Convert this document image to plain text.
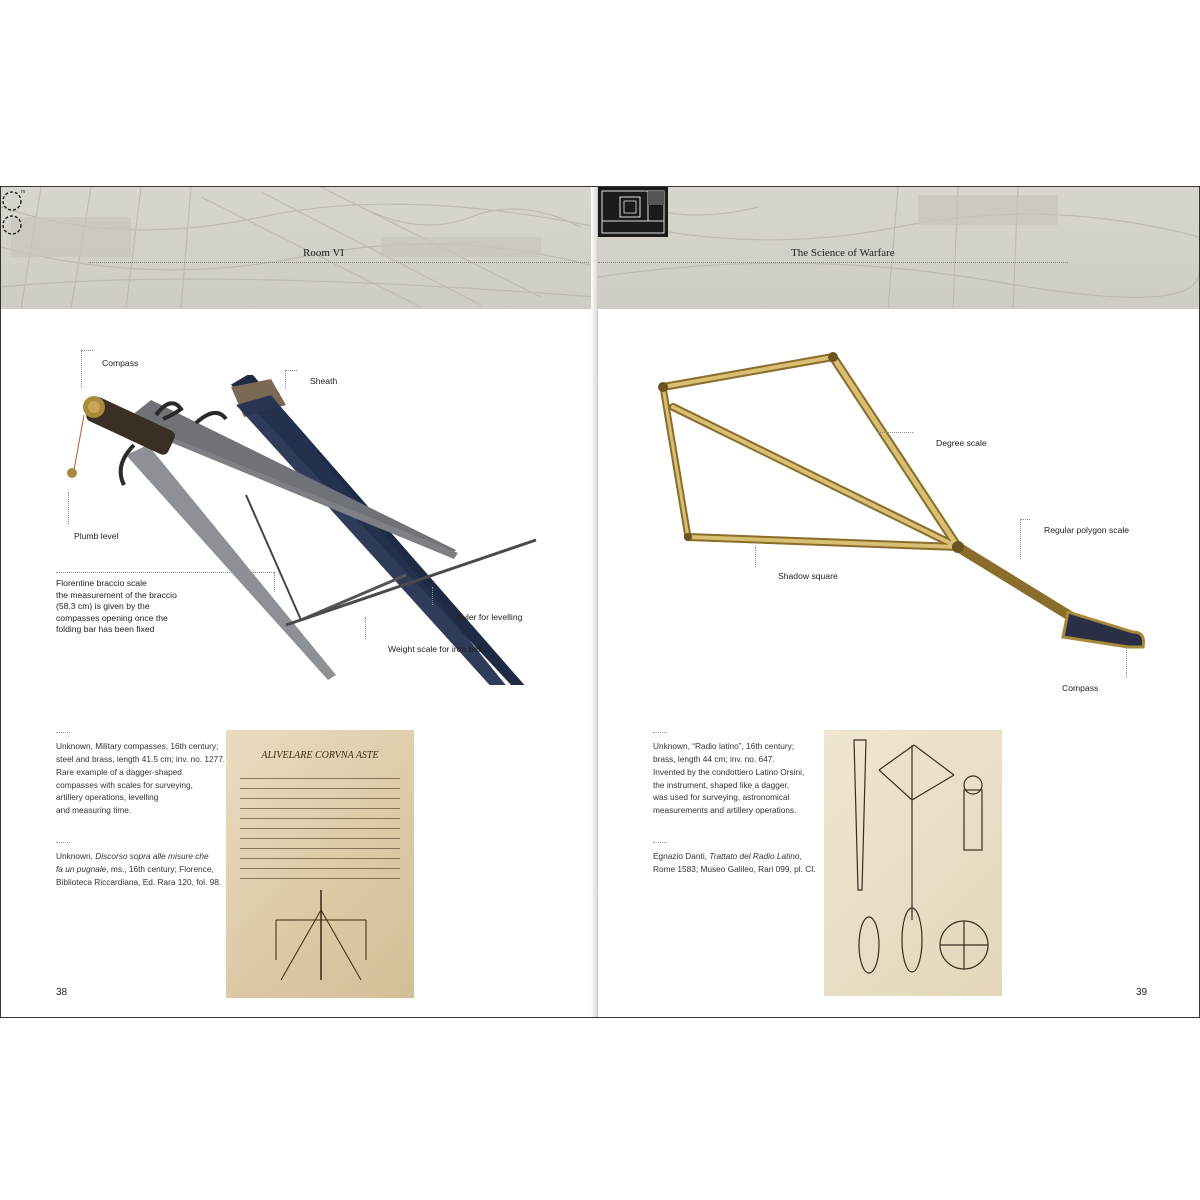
m
Room VI
Compass
Sheath
Plumb level
Florentine braccio scale
the measurement of the braccio
(58.3 cm) is given by the
compasses opening once the
folding bar has been fixed
Ruler for levelling
Weight scale for iron balls
Unknown, Military compasses, 16th century;
steel and brass, length 41.5 cm; inv. no. 1277.
Rare example of a dagger-shaped
compasses with scales for surveying,
artillery operations, levelling
and measuring time.
Unknown, Discorso sopra alle misure che
fa un pugnale, ms., 16th century; Florence,
Biblioteca Riccardiana, Ed. Rara 120, fol. 98.
ALIVELARE CORVNA ASTE
38
The Science of Warfare
Degree scale
Regular polygon scale
Shadow square
Compass
Unknown, “Radio latino”, 16th century;
brass, length 44 cm; inv. no. 647.
Invented by the condottiero Latino Orsini,
the instrument, shaped like a dagger,
was used for surveying, astronomical
measurements and artillery operations.
Egnazio Danti, Trattato del Radio Latino,
Rome 1583; Museo Galileo, Rari 099, pl. CI.
39
